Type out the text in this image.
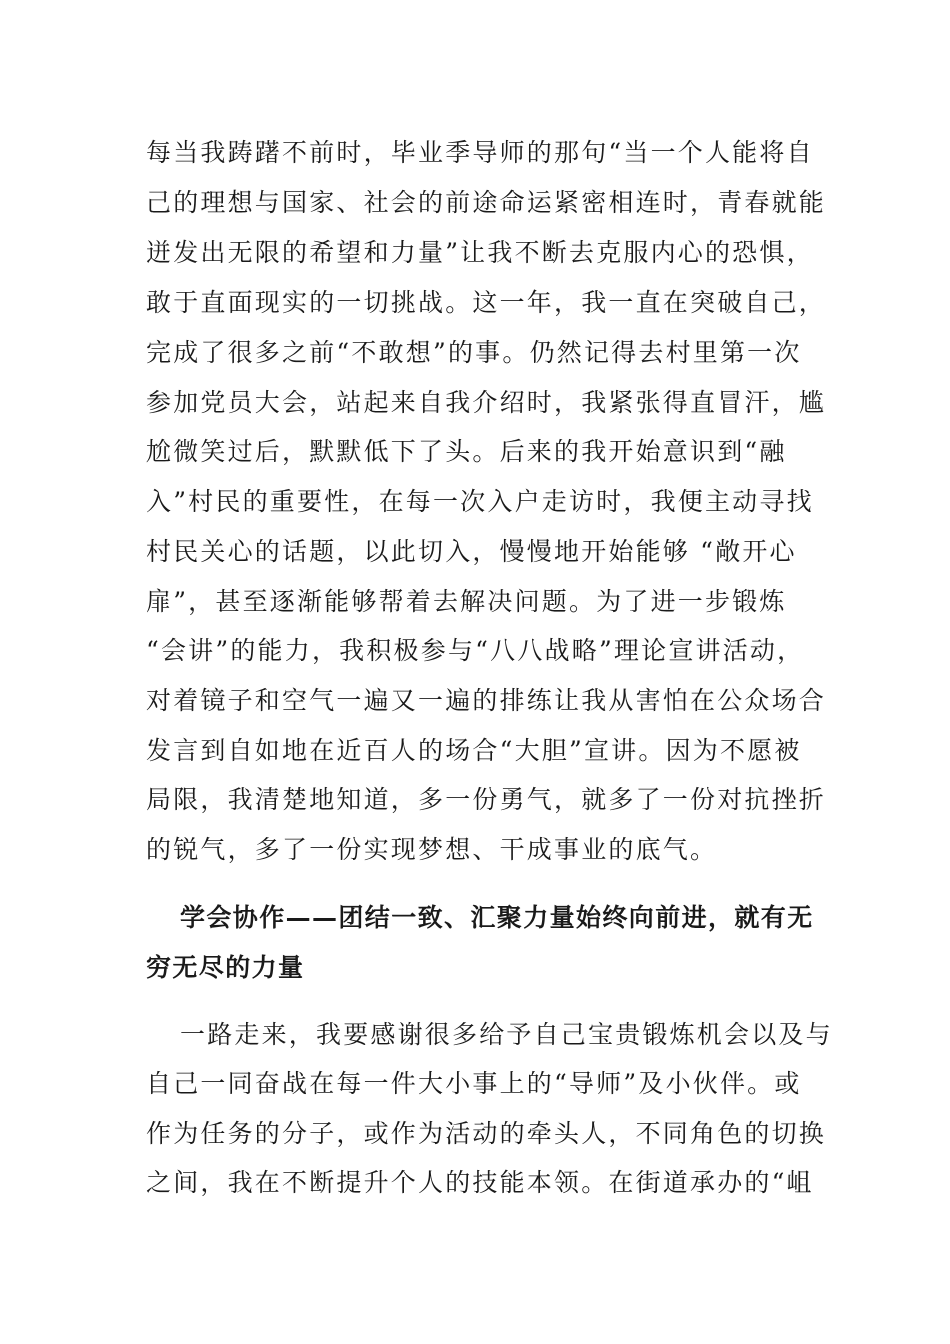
每当我踌躇不前时，毕业季导师的那句“当一个人能将自
己的理想与国家、社会的前途命运紧密相连时，青春就能
迸发出无限的希望和力量”让我不断去克服内心的恐惧，
敢于直面现实的一切挑战。这一年，我一直在突破自己，
完成了很多之前“不敢想”的事。仍然记得去村里第一次
参加党员大会，站起来自我介绍时，我紧张得直冒汗，尴
尬微笑过后，默默低下了头。后来的我开始意识到“融
入”村民的重要性，在每一次入户走访时，我便主动寻找
村民关心的话题，以此切入，慢慢地开始能够 “敞开心
扉”，甚至逐渐能够帮着去解决问题。为了进一步锻炼
“会讲”的能力，我积极参与“八八战略”理论宣讲活动，
对着镜子和空气一遍又一遍的排练让我从害怕在公众场合
发言到自如地在近百人的场合“大胆”宣讲。因为不愿被
局限，我清楚地知道，多一份勇气，就多了一份对抗挫折
的锐气，多了一份实现梦想、干成事业的底气。
学会协作——团结一致、汇聚力量始终向前进，就有无
穷无尽的力量
一路走来，我要感谢很多给予自己宝贵锻炼机会以及与
自己一同奋战在每一件大小事上的“导师”及小伙伴。或
作为任务的分子，或作为活动的牵头人，不同角色的切换
之间，我在不断提升个人的技能本领。在街道承办的“岨
